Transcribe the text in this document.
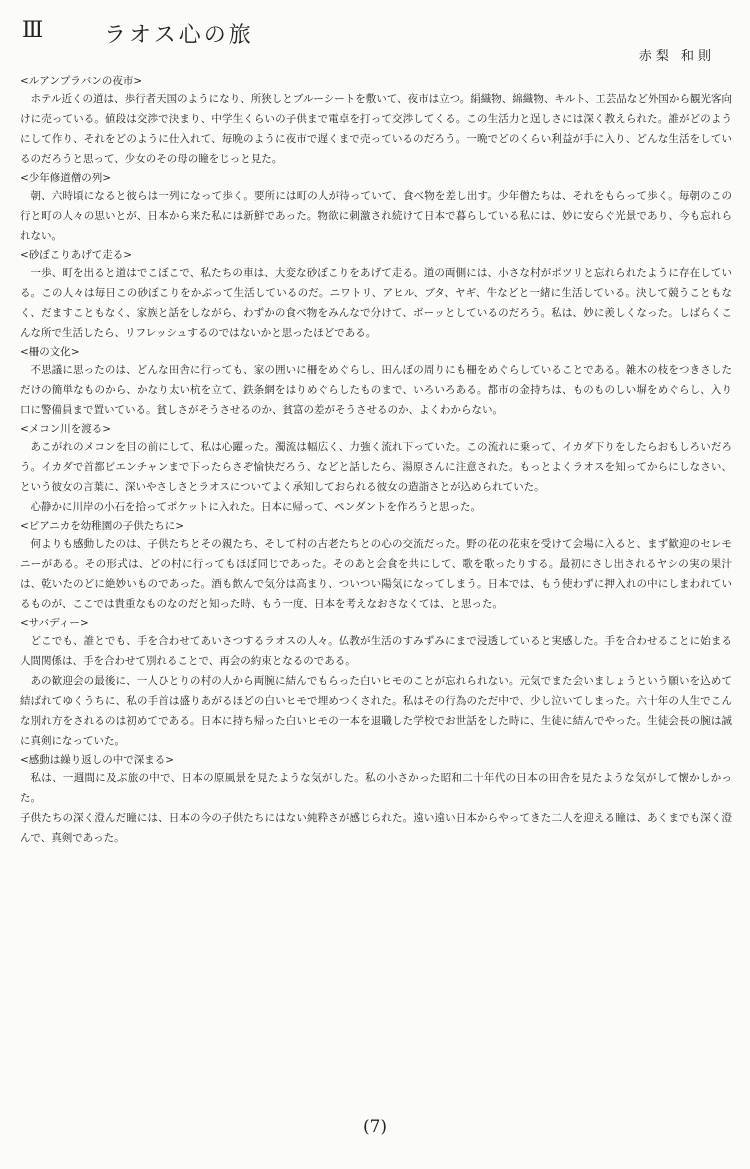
Ⅲ	ラオス心の旅
赤梨 和則

<ルアンプラバンの夜市>

ホテル近くの道は、歩行者天国のようになり、所狭しとブルーシートを敷いて、夜市は立つ。絹織物、綿織物、キルト、工芸品など外国から観光客向けに売っている。値段は交渉で決まり、中学生くらいの子供まで電卓を打って交渉してくる。この生活力と逞しさには深く教えられた。誰がどのようにして作り、それをどのように仕入れて、毎晩のように夜市で遅くまで売っているのだろう。一晩でどのくらい利益が手に入り、どんな生活をしているのだろうと思って、少女のその母の瞳をじっと見た。

<少年修道僧の列>

朝、六時頃になると彼らは一列になって歩く。要所には町の人が待っていて、食べ物を差し出す。少年僧たちは、それをもらって歩く。毎朝のこの行と町の人々の思いとが、日本から来た私には新鮮であった。物欲に刺激され続けて日本で暮らしている私には、妙に安らぐ光景であり、今も忘れられない。

<砂ぼこりあげて走る>

一歩、町を出ると道はでこぼこで、私たちの車は、大変な砂ぼこりをあげて走る。道の両側には、小さな村がポツリと忘れられたように存在している。この人々は毎日この砂ぼこりをかぶって生活しているのだ。ニワトリ、アヒル、ブタ、ヤギ、牛などと一緒に生活している。決して競うこともなく、だますこともなく、家族と話をしながら、わずかの食べ物をみんなで分けて、ボーッとしているのだろう。私は、妙に羨しくなった。しばらくこんな所で生活したら、リフレッシュするのではないかと思ったほどである。

<柵の文化>

不思議に思ったのは、どんな田舎に行っても、家の囲いに柵をめぐらし、田んぼの周りにも柵をめぐらしていることである。雑木の枝をつきさしただけの簡単なものから、かなり太い杭を立て、鉄条網をはりめぐらしたものまで、いろいろある。都市の金持ちは、ものものしい塀をめぐらし、入り口に警備員まで置いている。貧しさがそうさせるのか、貧富の差がそうさせるのか、よくわからない。

<メコン川を渡る>

あこがれのメコンを目の前にして、私は心躍った。濁流は幅広く、力強く流れ下っていた。この流れに乗って、イカダ下りをしたらおもしろいだろう。イカダで首都ビエンチャンまで下ったらさぞ愉快だろう、などと話したら、湯原さんに注意された。もっとよくラオスを知ってからにしなさい、という彼女の言葉に、深いやさしさとラオスについてよく承知しておられる彼女の造詣さとが込められていた。

心静かに川岸の小石を拾ってポケットに入れた。日本に帰って、ペンダントを作ろうと思った。

<ピアニカを幼稚園の子供たちに>

何よりも感動したのは、子供たちとその親たち、そして村の古老たちとの心の交流だった。野の花の花束を受けて会場に入ると、まず歓迎のセレモニーがある。その形式は、どの村に行ってもほぼ同じであった。そのあと会食を共にして、歌を歌ったりする。最初にさし出されるヤシの実の果汁は、乾いたのどに絶妙いものであった。酒も飲んで気分は高まり、ついつい陽気になってしまう。日本では、もう使わずに押入れの中にしまわれているものが、ここでは貴重なものなのだと知った時、もう一度、日本を考えなおさなくては、と思った。

<サバディー>

どこでも、誰とでも、手を合わせてあいさつするラオスの人々。仏教が生活のすみずみにまで浸透していると実感した。手を合わせることに始まる人間関係は、手を合わせて別れることで、再会の約束となるのである。

あの歓迎会の最後に、一人ひとりの村の人から両腕に結んでもらった白いヒモのことが忘れられない。元気でまた会いましょうという願いを込めて結ばれてゆくうちに、私の手首は盛りあがるほどの白いヒモで埋めつくされた。私はその行為のただ中で、少し泣いてしまった。六十年の人生でこんな別れ方をされるのは初めてである。日本に持ち帰った白いヒモの一本を退職した学校でお世話をした時に、生徒に結んでやった。生徒会長の腕は誠に真剣になっていた。

<感動は繰り返しの中で深まる>

私は、一週間に及ぶ旅の中で、日本の原風景を見たような気がした。私の小さかった昭和二十年代の日本の田舎を見たような気がして懐かしかった。

子供たちの深く澄んだ瞳には、日本の今の子供たちにはない純粋さが感じられた。遠い遠い日本からやってきた二人を迎える瞳は、あくまでも深く澄んで、真剣であった。

(7)
